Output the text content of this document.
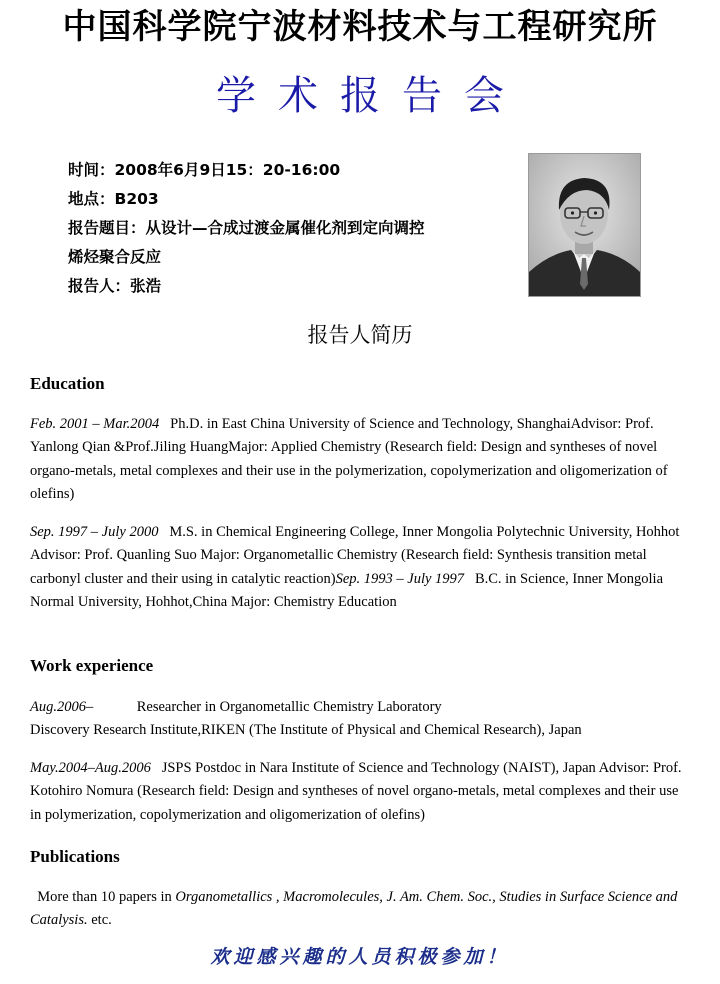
中国科学院宁波材料技术与工程研究所
学术报告会
时间：2008年6月9日15：20-16:00
地点：B203
报告题目：从设计—合成过渡金属催化剂到定向调控
烯烃聚合反应
报告人：张浩
报告人简历
Education
Feb. 2001 – Mar.2004 Ph.D. in East China University of Science and Technology, ShanghaiAdvisor: Prof. Yanlong Qian &Prof.Jiling HuangMajor: Applied Chemistry (Research field: Design and syntheses of novel organo-metals, metal complexes and their use in the polymerization, copolymerization and oligomerization of olefins)
Sep. 1997 – July 2000 M.S. in Chemical Engineering College, Inner Mongolia Polytechnic University, Hohhot Advisor: Prof. Quanling Suo Major: Organometallic Chemistry (Research field: Synthesis transition metal carbonyl cluster and their using in catalytic reaction)Sep. 1993 – July 1997 B.C. in Science, Inner Mongolia Normal University, Hohhot,China Major: Chemistry Education
Work experience
Aug.2006–	Researcher in Organometallic Chemistry Laboratory
Discovery Research Institute,RIKEN (The Institute of Physical and Chemical Research), Japan
May.2004–Aug.2006 JSPS Postdoc in Nara Institute of Science and Technology (NAIST), Japan Advisor: Prof. Kotohiro Nomura (Research field: Design and syntheses of novel organo-metals, metal complexes and their use in polymerization, copolymerization and oligomerization of olefins)
Publications
More than 10 papers in Organometallics , Macromolecules, J. Am. Chem. Soc., Studies in Surface Science and Catalysis. etc.
欢迎感兴趣的人员积极参加！
